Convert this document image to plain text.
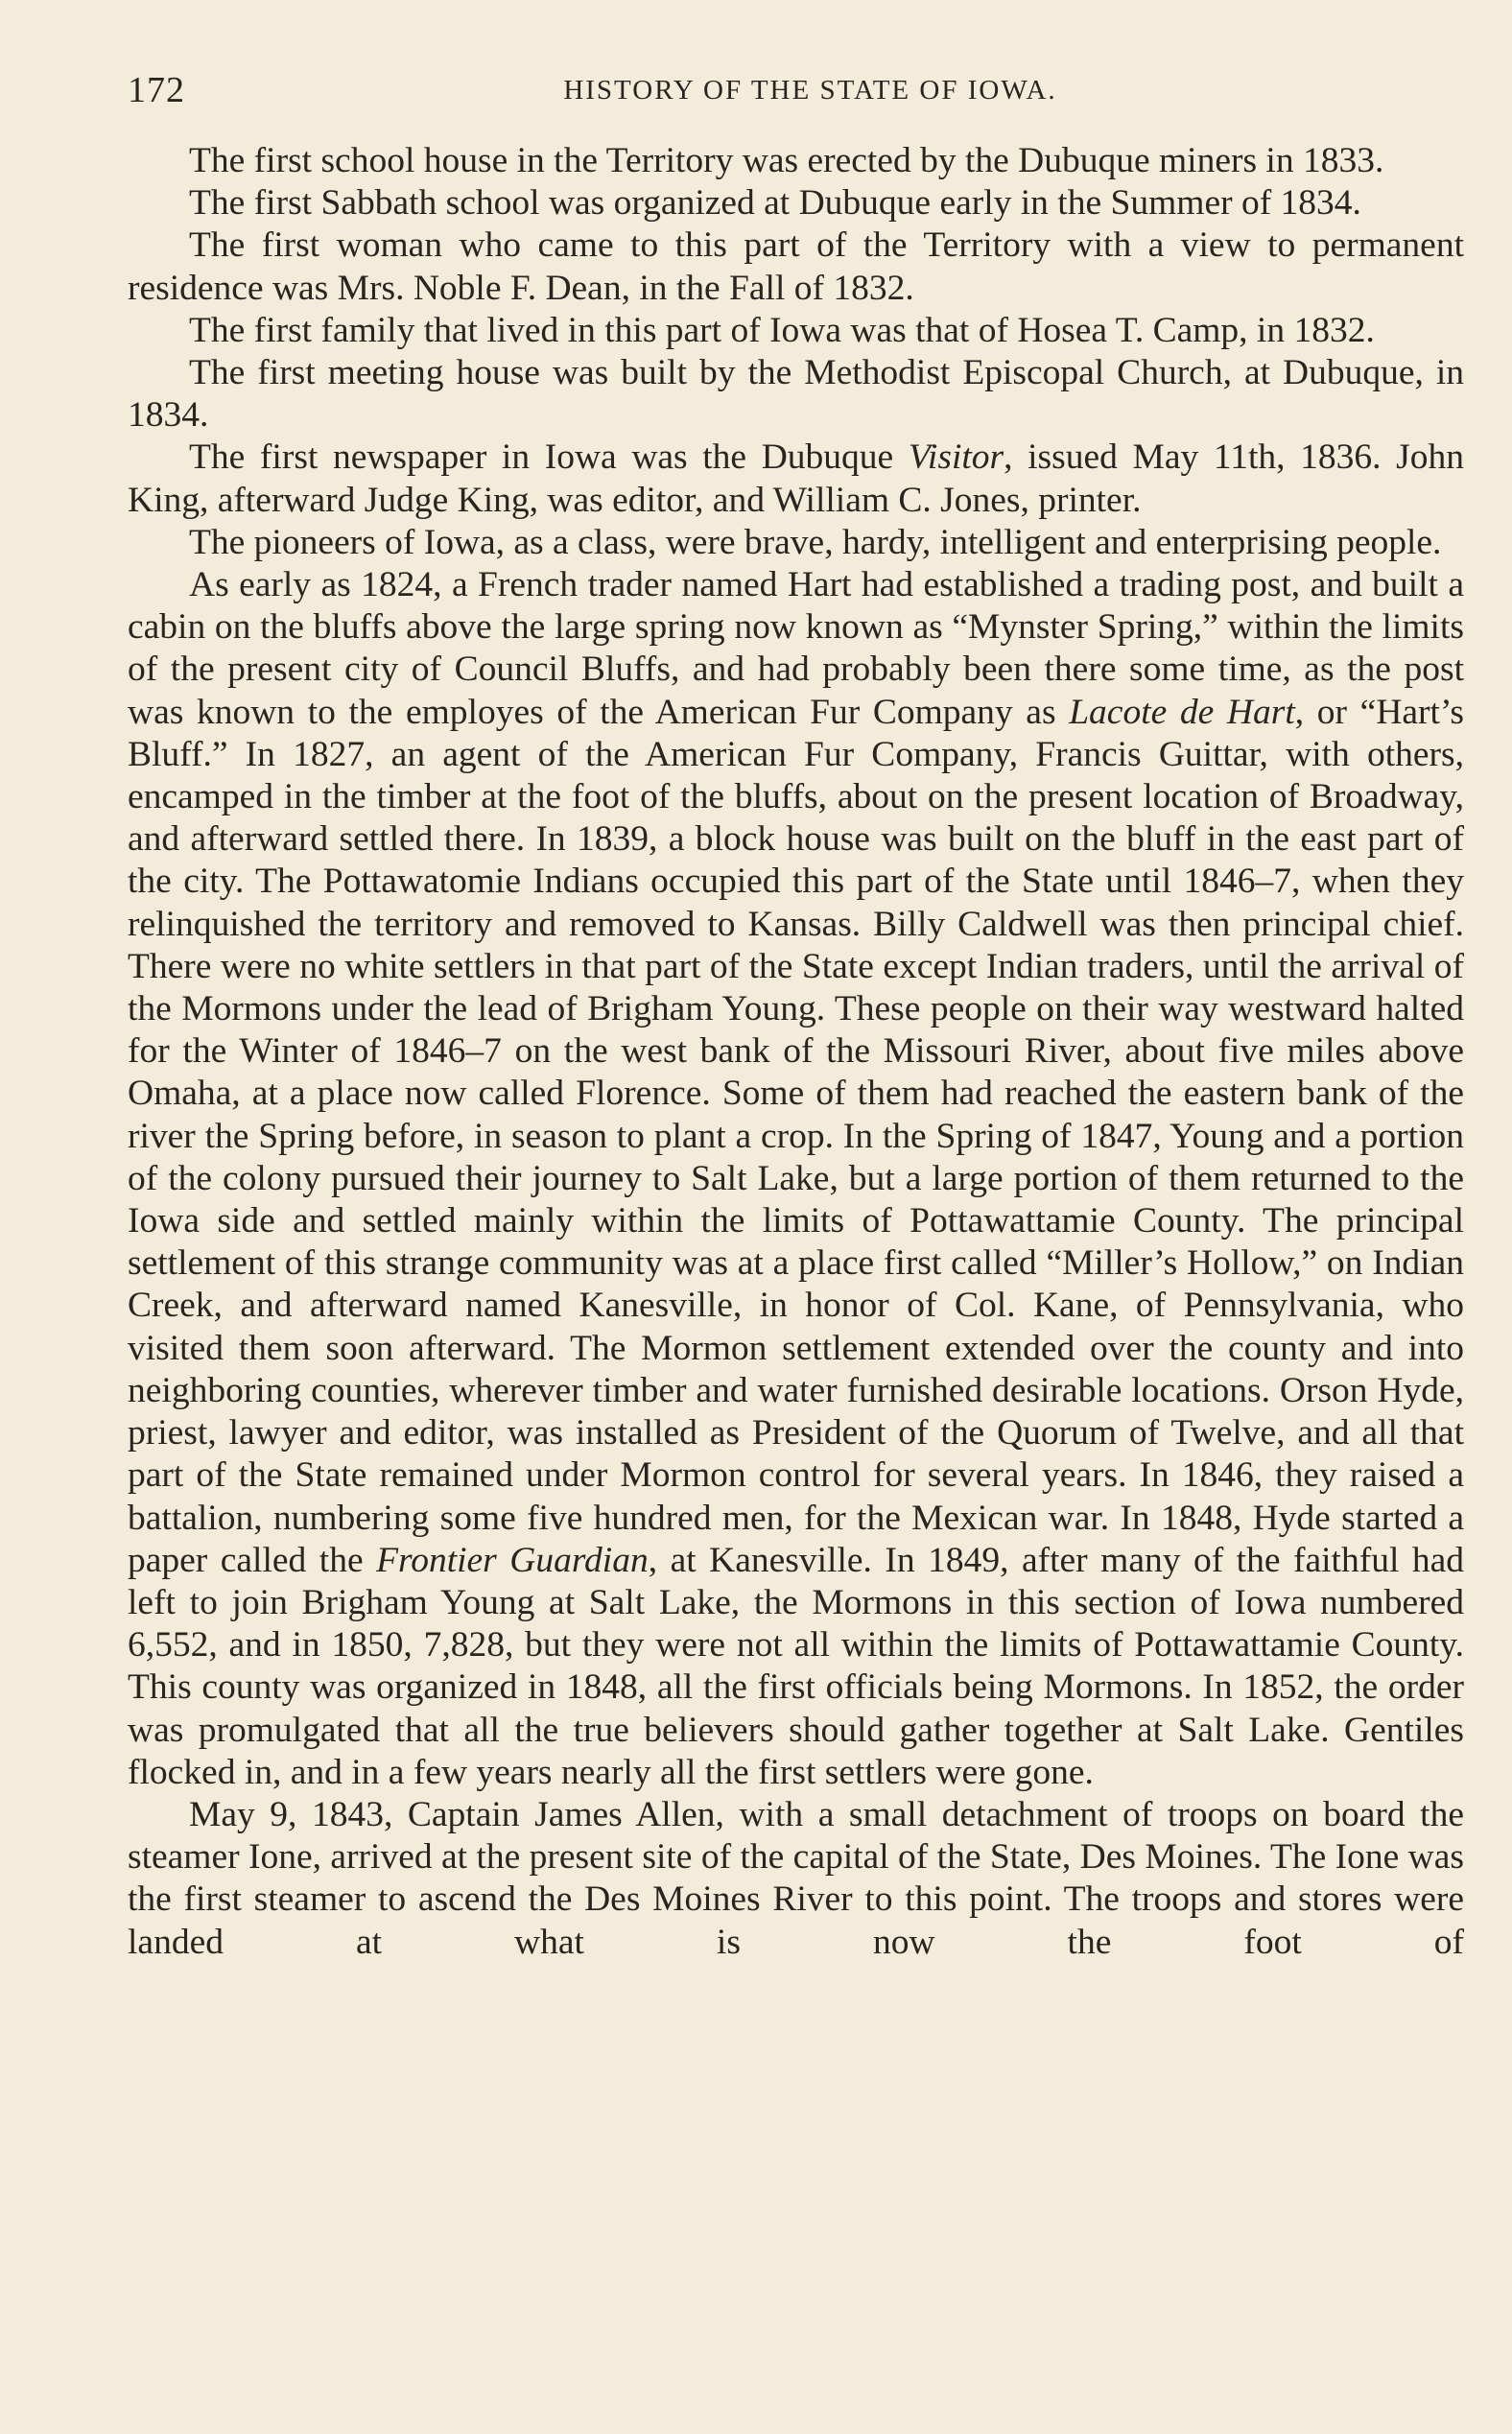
172	HISTORY OF THE STATE OF IOWA.

The first school house in the Territory was erected by the Dubuque miners in 1833.

The first Sabbath school was organized at Dubuque early in the Summer of 1834.

The first woman who came to this part of the Territory with a view to permanent residence was Mrs. Noble F. Dean, in the Fall of 1832.

The first family that lived in this part of Iowa was that of Hosea T. Camp, in 1832.

The first meeting house was built by the Methodist Episcopal Church, at Dubuque, in 1834.

The first newspaper in Iowa was the Dubuque Visitor, issued May 11th, 1836. John King, afterward Judge King, was editor, and William C. Jones, printer.

The pioneers of Iowa, as a class, were brave, hardy, intelligent and enterprising people.

As early as 1824, a French trader named Hart had established a trading post, and built a cabin on the bluffs above the large spring now known as “Mynster Spring,” within the limits of the present city of Council Bluffs, and had probably been there some time, as the post was known to the employes of the American Fur Company as Lacote de Hart, or “Hart’s Bluff.” In 1827, an agent of the American Fur Company, Francis Guittar, with others, encamped in the timber at the foot of the bluffs, about on the present location of Broadway, and afterward settled there. In 1839, a block house was built on the bluff in the east part of the city. The Pottawatomie Indians occupied this part of the State until 1846–7, when they relinquished the territory and removed to Kansas. Billy Caldwell was then principal chief. There were no white settlers in that part of the State except Indian traders, until the arrival of the Mormons under the lead of Brigham Young. These people on their way westward halted for the Winter of 1846–7 on the west bank of the Missouri River, about five miles above Omaha, at a place now called Florence. Some of them had reached the eastern bank of the river the Spring before, in season to plant a crop. In the Spring of 1847, Young and a portion of the colony pursued their journey to Salt Lake, but a large portion of them returned to the Iowa side and settled mainly within the limits of Pottawattamie County. The principal settlement of this strange community was at a place first called “Miller’s Hollow,” on Indian Creek, and afterward named Kanesville, in honor of Col. Kane, of Pennsylvania, who visited them soon afterward. The Mormon settlement extended over the county and into neighboring counties, wherever timber and water furnished desirable locations. Orson Hyde, priest, lawyer and editor, was installed as President of the Quorum of Twelve, and all that part of the State remained under Mormon control for several years. In 1846, they raised a battalion, numbering some five hundred men, for the Mexican war. In 1848, Hyde started a paper called the Frontier Guardian, at Kanesville. In 1849, after many of the faithful had left to join Brigham Young at Salt Lake, the Mormons in this section of Iowa numbered 6,552, and in 1850, 7,828, but they were not all within the limits of Pottawattamie County. This county was organized in 1848, all the first officials being Mormons. In 1852, the order was promulgated that all the true believers should gather together at Salt Lake. Gentiles flocked in, and in a few years nearly all the first settlers were gone.

May 9, 1843, Captain James Allen, with a small detachment of troops on board the steamer Ione, arrived at the present site of the capital of the State, Des Moines. The Ione was the first steamer to ascend the Des Moines River to this point. The troops and stores were landed at what is now the foot of
